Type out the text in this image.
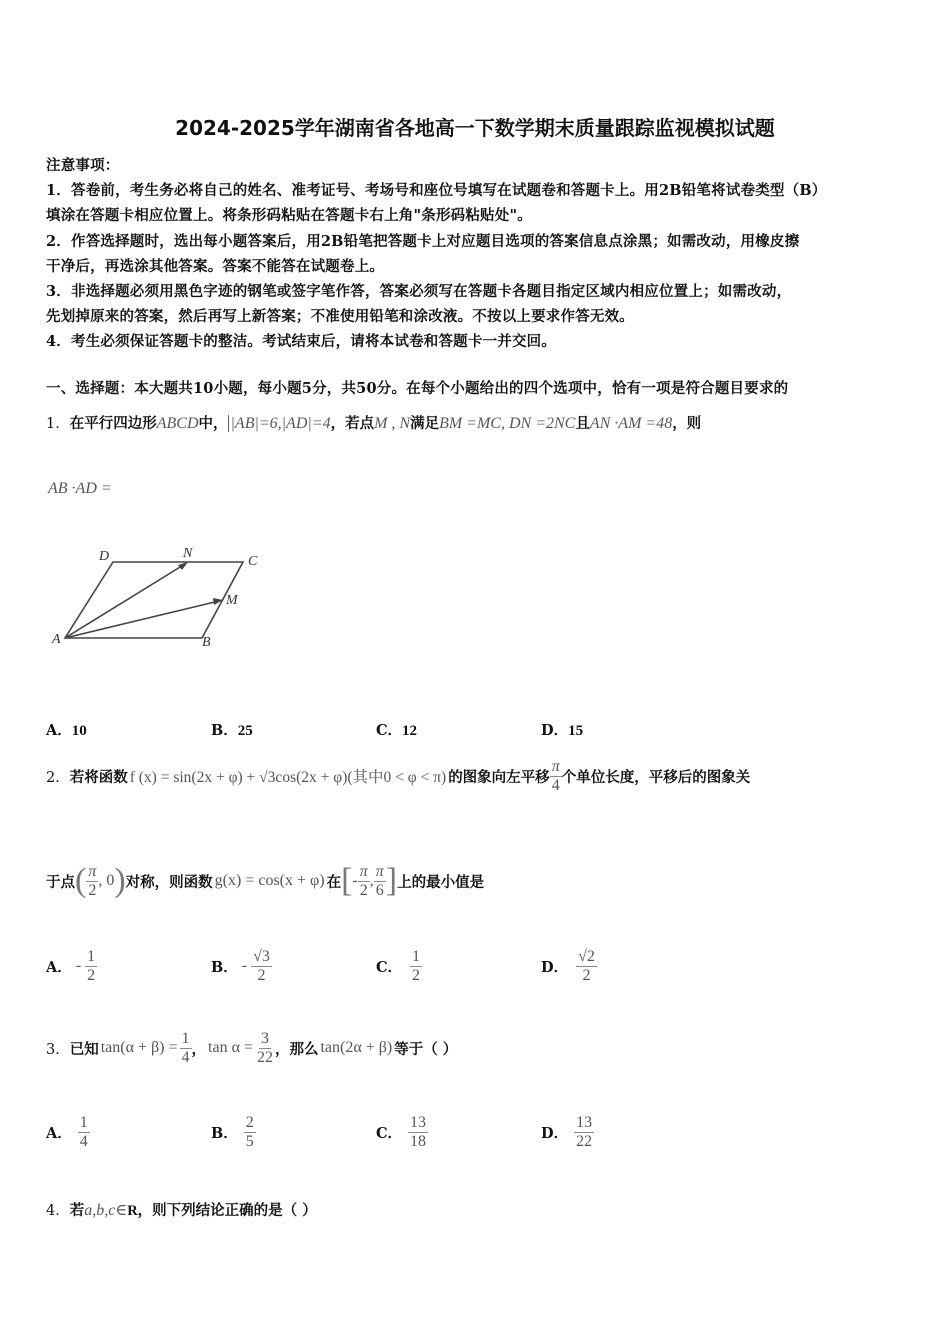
2024-2025学年湖南省各地高一下数学期末质量跟踪监视模拟试题
注意事项：
1．答卷前，考生务必将自己的姓名、准考证号、考场号和座位号填写在试题卷和答题卡上。用2B铅笔将试卷类型（B）
填涂在答题卡相应位置上。将条形码粘贴在答题卡右上角"条形码粘贴处"。
2．作答选择题时，选出每小题答案后，用2B铅笔把答题卡上对应题目选项的答案信息点涂黑；如需改动，用橡皮擦
干净后，再选涂其他答案。答案不能答在试题卷上。
3．非选择题必须用黑色字迹的钢笔或签字笔作答，答案必须写在答题卡各题目指定区域内相应位置上；如需改动，
先划掉原来的答案，然后再写上新答案；不准使用铅笔和涂改液。不按以上要求作答无效。
4．考生必须保证答题卡的整洁。考试结束后，请将本试卷和答题卡一并交回。
一、选择题：本大题共10小题，每小题5分，共50分。在每个小题给出的四个选项中，恰有一项是符合题目要求的
1．在平行四边形ABCD中， |AB|=6,|AD|=4，若点M , N满足BM =MC, DN =2NC且AN ·AM =48，则
AB ·AD =
A	B
C
D	N
M
A．10	B．25	C．12	D．15
2． 若将函数 f (x) = sin(2x + φ) + √3cos(2x + φ)(其中0 < φ < π) 的图象向左平移 $\frac{\pi}{4}$ 个单位长度，平移后的图象关
于点 ( $\frac{\pi}{2}$ , 0 ) 对称，则函数 g(x) = cos(x + φ) 在 [ - $\frac{\pi}{2}$ , $\frac{\pi}{6}$ ] 上的最小值是
A． - $\frac{1}{2}$	B． - $\frac{√3}{2}$	C． $\frac{1}{2}$	D． $\frac{√2}{2}$
3． 已知 $\tan(\alpha + \beta) = \frac{1}{4}$ ， $\tan \alpha = \frac{3}{22}$ ，那么 tan(2α + β) 等于（ ）
A． $\frac{1}{4}$	B． $\frac{2}{5}$	C． $\frac{13}{18}$	D． $\frac{13}{22}$
4．若a,b,c∈R，则下列结论正确的是（ ）
